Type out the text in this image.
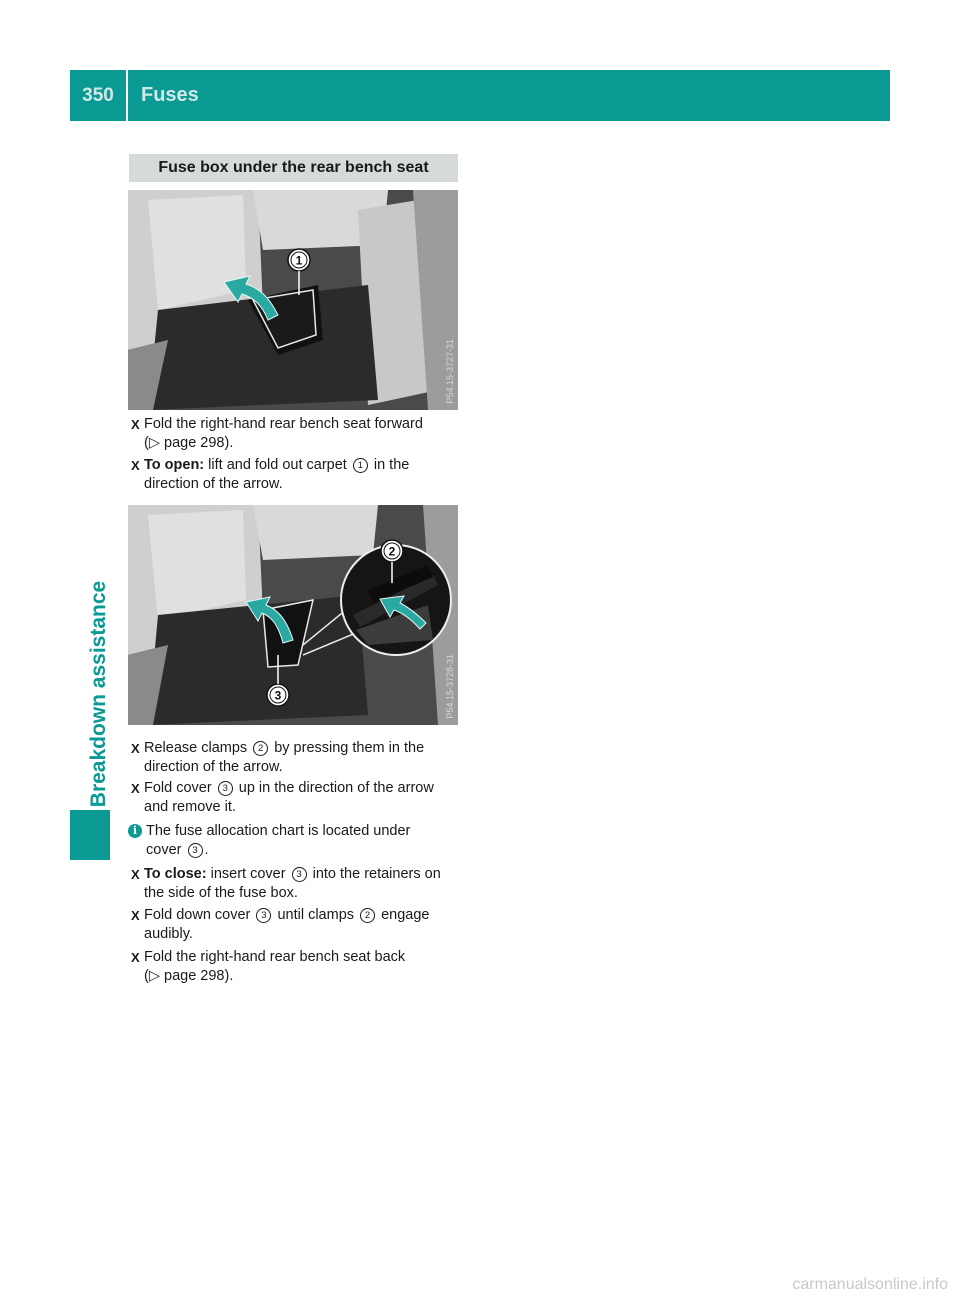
350	Fuses
Breakdown assistance
Fuse box under the rear bench seat
1
P54.15-3727-31
X Fold the right-hand rear bench seat forward
(▷ page 298).
X To open: lift and fold out carpet 1 in the
direction of the arrow.
2
3	P54.15-3728-31
X Release clamps 2 by pressing them in the
direction of the arrow.
X Fold cover 3 up in the direction of the arrow
and remove it.
i The fuse allocation chart is located under
cover 3 .
X To close: insert cover 3 into the retainers on
the side of the fuse box.
X Fold down cover 3 until clamps 2 engage
audibly.
X Fold the right-hand rear bench seat back
(▷ page 298).
carmanualsonline.info
